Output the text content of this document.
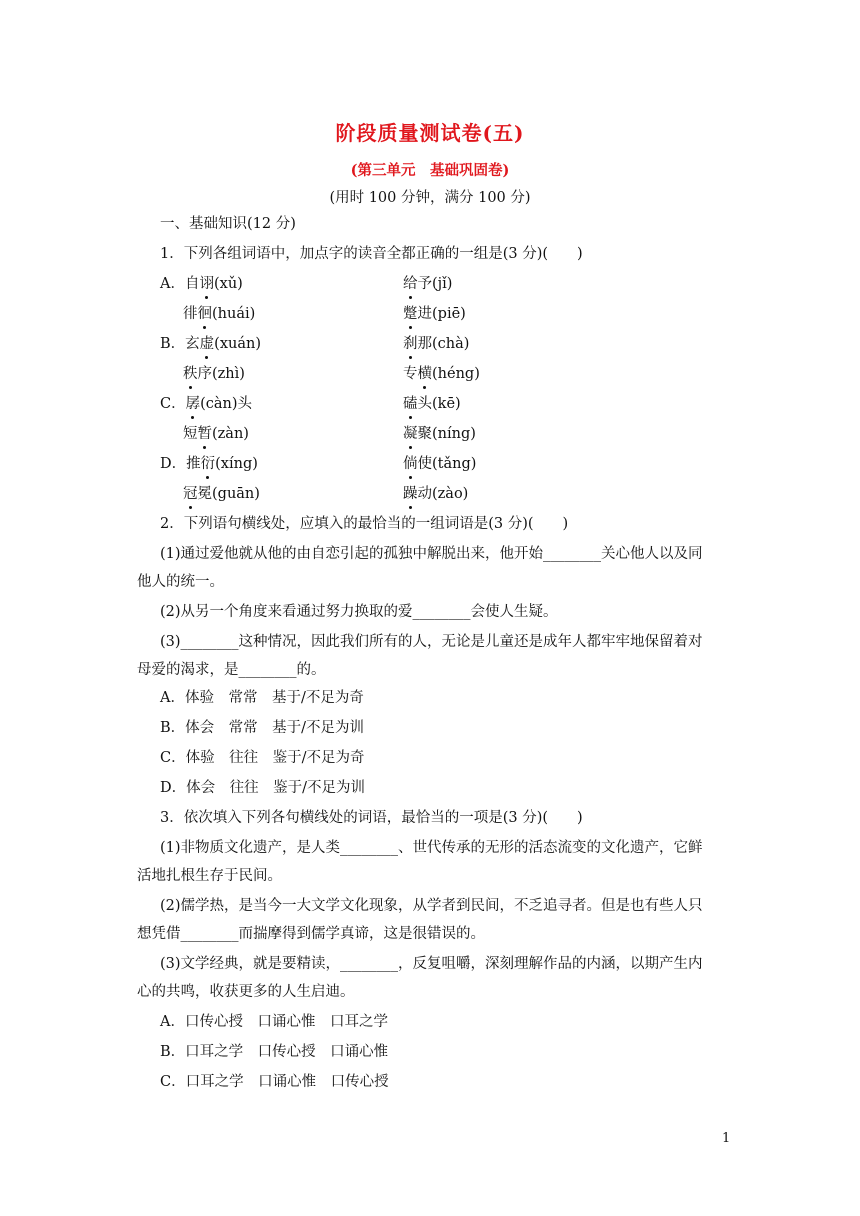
阶段质量测试卷(五)
(第三单元　基础巩固卷)
(用时 100 分钟，满分 100 分)
一、基础知识(12 分)
1．下列各组词语中，加点字的读音全都正确的一组是(3 分)(　　)
A．自诩(xǔ)	给予(jǐ)
徘徊(huái)	蹩进(piē)
B．玄虚(xuán)	刹那(chà)
秩序(zhì)	专横(héng)
C．孱(càn)头	磕头(kē)
短暂(zàn)	凝聚(níng)
D．推衍(xíng)	倘使(tǎng)
冠冕(guān)	躁动(zào)
2．下列语句横线处，应填入的最恰当的一组词语是(3 分)(　　)
(1)通过爱他就从他的由自恋引起的孤独中解脱出来，他开始________关心他人以及同
他人的统一。
(2)从另一个角度来看通过努力换取的爱________会使人生疑。
(3)________这种情况，因此我们所有的人，无论是儿童还是成年人都牢牢地保留着对
母爱的渴求，是________的。
A．体验　常常　基于/不足为奇
B．体会　常常　基于/不足为训
C．体验　往往　鉴于/不足为奇
D．体会　往往　鉴于/不足为训
3．依次填入下列各句横线处的词语，最恰当的一项是(3 分)(　　)
(1)非物质文化遗产，是人类________、世代传承的无形的活态流变的文化遗产，它鲜
活地扎根生存于民间。
(2)儒学热，是当今一大文学文化现象，从学者到民间，不乏追寻者。但是也有些人只
想凭借________而揣摩得到儒学真谛，这是很错误的。
(3)文学经典，就是要精读，________，反复咀嚼，深刻理解作品的内涵，以期产生内
心的共鸣，收获更多的人生启迪。
A．口传心授　口诵心惟　口耳之学
B．口耳之学　口传心授　口诵心惟
C．口耳之学　口诵心惟　口传心授
1
